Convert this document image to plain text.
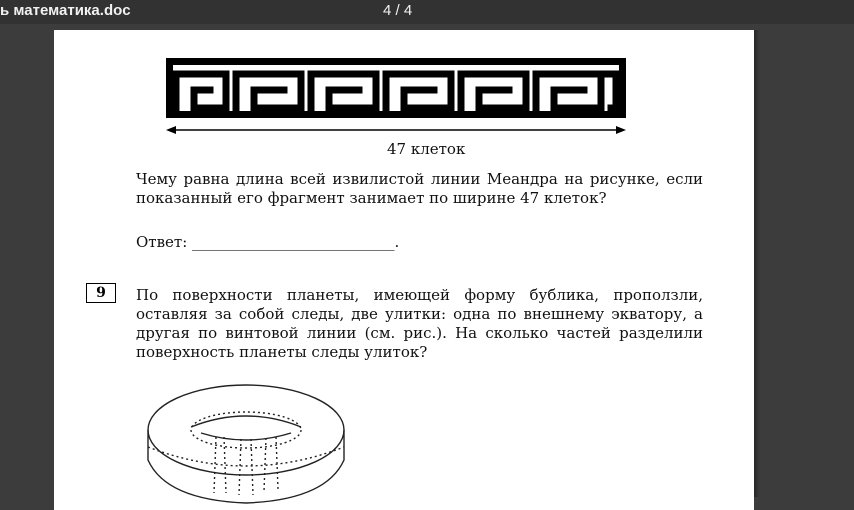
ь математика.doc	4 / 4
47 клеток
Чему равна длина всей извилистой линии Меандра на рисунке, если показанный его фрагмент занимает по ширине 47 клеток?
Ответ: ___________________________.
9	По поверхности планеты, имеющей форму бублика, проползли, оставляя за собой следы, две улитки: одна по внешнему экватору, а другая по винтовой линии (см. рис.). На сколько частей разделили поверхность планеты следы улиток?
